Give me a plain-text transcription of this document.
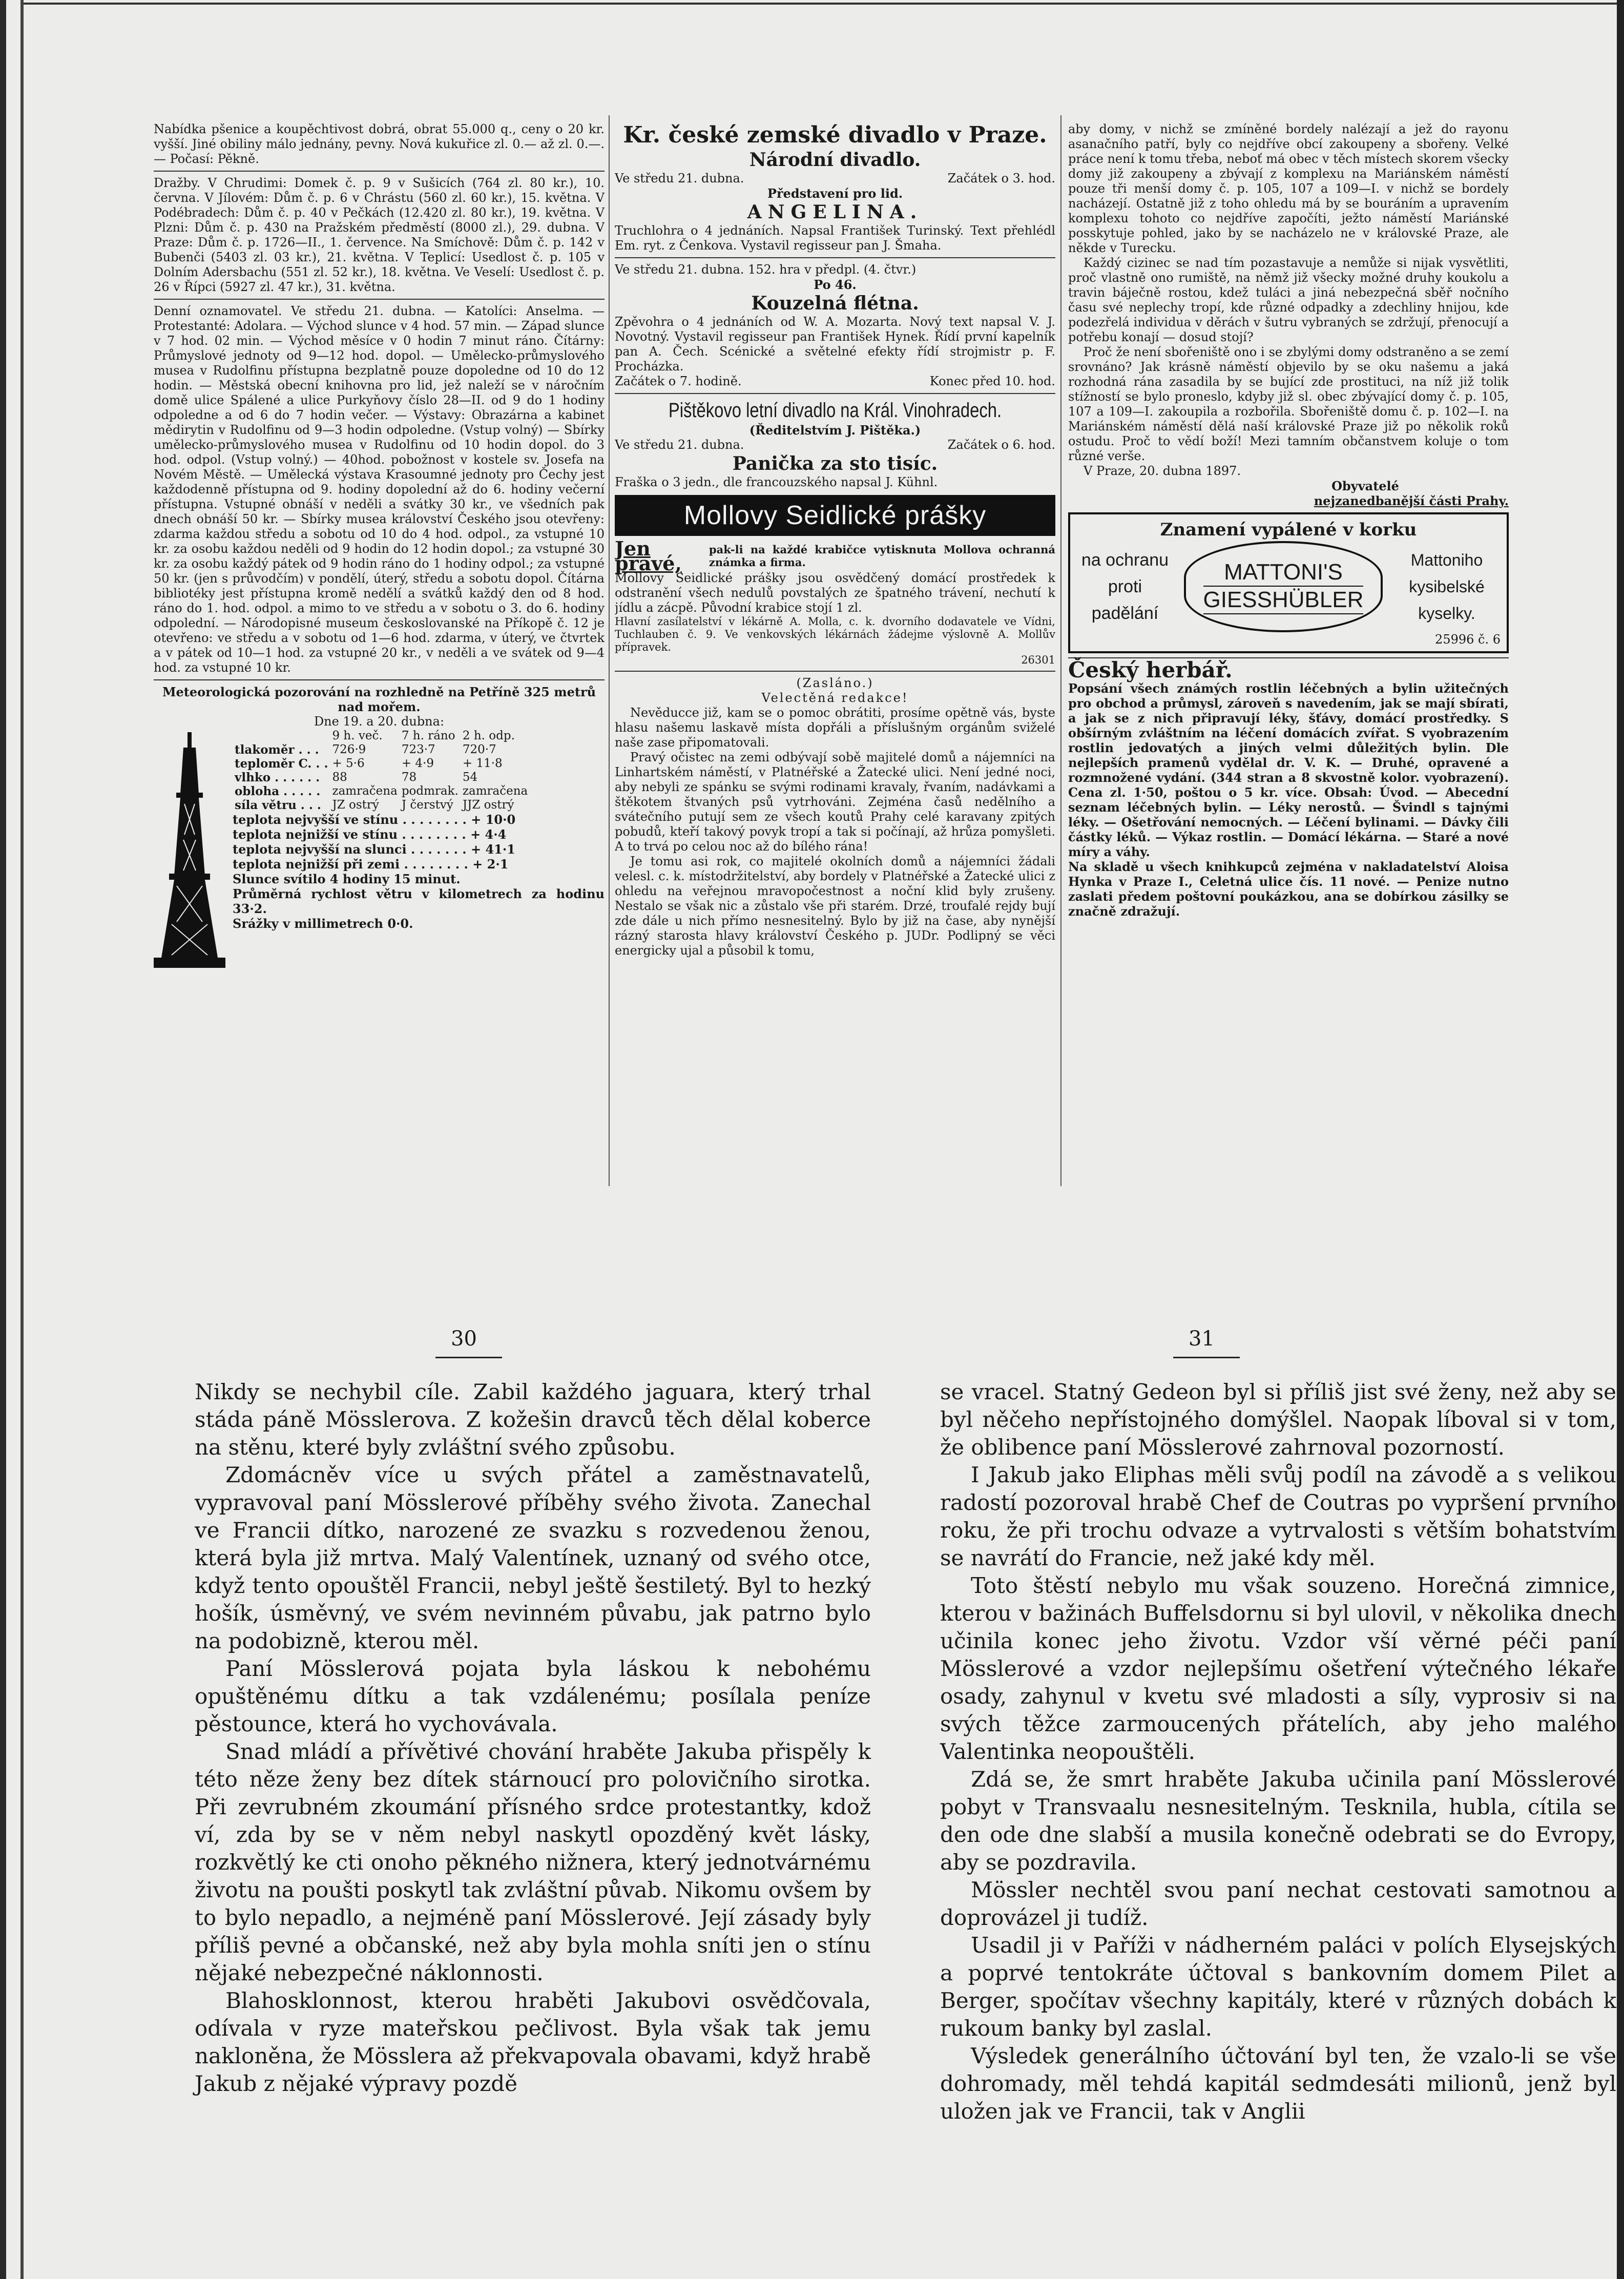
Nabídka pšenice a koupěchtivost dobrá, obrat 55.000 q., ceny o 20 kr. vyšší. Jiné obiliny málo jednány, pevny. Nová kukuřice zl. 0.— až zl. 0.—. — Počasí: Pěkně.

Dražby. V Chrudimi: Domek č. p. 9 v Sušicích (764 zl. 80 kr.), 10. června. V Jílovém: Dům č. p. 6 v Chrástu (560 zl. 60 kr.), 15. května. V Podébradech: Dům č. p. 40 v Pečkách (12.420 zl. 80 kr.), 19. května. V Plzni: Dům č. p. 430 na Pražském předměstí (8000 zl.), 29. dubna. V Praze: Dům č. p. 1726—II., 1. července. Na Smíchově: Dům č. p. 142 v Bubenči (5403 zl. 03 kr.), 21. května. V Teplicí: Usedlost č. p. 105 v Dolním Adersbachu (551 zl. 52 kr.), 18. května. Ve Veselí: Usedlost č. p. 26 v Řípci (5927 zl. 47 kr.), 31. května.

Denní oznamovatel. Ve středu 21. dubna. — Katolíci: Anselma. — Protestanté: Adolara. — Východ slunce v 4 hod. 57 min. — Západ slunce v 7 hod. 02 min. — Východ měsíce v 0 hodin 7 minut ráno. Čítárny: Průmyslové jednoty od 9—12 hod. dopol. — Umělecko-průmyslového musea v Rudolfinu přístupna bezplatně pouze dopoledne od 10 do 12 hodin. — Městská obecní knihovna pro lid, jež naleží se v náročním domě ulice Spálené a ulice Purkyňovy číslo 28—II. od 9 do 1 hodiny odpoledne a od 6 do 7 hodin večer. — Výstavy: Obrazárna a kabinet mědirytin v Rudolfinu od 9—3 hodin odpoledne. (Vstup volný) — Sbírky umělecko-průmyslového musea v Rudolfinu od 10 hodin dopol. do 3 hod. odpol. (Vstup volný.) — 40hod. pobožnost v kostele sv. Josefa na Novém Městě. — Umělecká výstava Krasoumné jednoty pro Čechy jest každodenně přístupna od 9. hodiny dopolední až do 6. hodiny večerní přístupna. Vstupné obnáší v neděli a svátky 30 kr., ve všedních pak dnech obnáší 50 kr. — Sbírky musea království Českého jsou otevřeny: zdarma každou středu a sobotu od 10 do 4 hod. odpol., za vstupné 10 kr. za osobu každou neděli od 9 hodin do 12 hodin dopol.; za vstupné 30 kr. za osobu každý pátek od 9 hodin ráno do 1 hodiny odpol.; za vstupné 50 kr. (jen s průvodčím) v pondělí, úterý, středu a sobotu dopol. Čítárna bibliotéky jest přístupna kromě nedělí a svátků každý den od 8 hod. ráno do 1. hod. odpol. a mimo to ve středu a v sobotu o 3. do 6. hodiny odpolední. — Národopisné museum českoslovanské na Příkopě č. 12 je otevřeno: ve středu a v sobotu od 1—6 hod. zdarma, v úterý, ve čtvrtek a v pátek od 10—1 hod. za vstupné 20 kr., v neděli a ve svátek od 9—4 hod. za vstupné 10 kr.

Meteorologická pozorování na rozhledně na Petříně 325 metrů nad mořem.

Dne 19. a 20. dubna:

	9 h. več.	7 h. ráno	2 h. odp.
tlakoměr . . .	726·9	723·7	720·7
teploměr C. . .	+ 5·6	+ 4·9	+ 11·8
vlhko . . . . . .	88	78	54
obloha . . . . .	zamračena	podmrak.	zamračena
síla větru . . .	JZ ostrý	J čerstvý	JJZ ostrý

teplota nejvyšší ve stínu . . . . . . . . + 10·0

teplota nejnižší ve stínu . . . . . . . . + 4·4

teplota nejvyšší na slunci . . . . . . . + 41·1

teplota nejnižší při zemi . . . . . . . . + 2·1

Slunce svítilo 4 hodiny 15 minut.

Průměrná rychlost větru v kilometrech za hodinu 33·2.

Srážky v millimetrech 0·0.

Kr. české zemské divadlo v Praze.
Národní divadlo.
Ve středu 21. dubna.	Začátek o 3. hod.
Představení pro lid.
ANGELINA.

Truchlohra o 4 jednáních. Napsal František Turinský. Text přehlédl Em. ryt. z Čenkova. Vystavil regisseur pan J. Šmaha.

Ve středu 21. dubna. 152. hra v předpl. (4. čtvr.)
Po 46.
Kouzelná flétna.

Zpěvohra o 4 jednáních od W. A. Mozarta. Nový text napsal V. J. Novotný. Vystavil regisseur pan František Hynek. Řídí první kapelník pan A. Čech. Scénické a světelné efekty řídí strojmistr p. F. Procházka.

Začátek o 7. hodině.	Konec před 10. hod.
Pištěkovo letní divadlo na Král. Vinohradech.
(Ředitelstvím J. Pištěka.)
Ve středu 21. dubna.	Začátek o 6. hod.
Panička za sto tisíc.

Fraška o 3 jedn., dle francouzského napsal J. Kühnl.

Mollovy Seidlické prášky
Jen pravé,
pak-li na každé krabičce vytisknuta Mollova ochranná známka a firma.

Mollovy Seidlické prášky jsou osvědčený domácí prostředek k odstranění všech nedulů povstalých ze špatného trávení, nechutí k jídlu a zácpě. Původní krabice stojí 1 zl.

Hlavní zasílatelství v lékárně A. Molla, c. k. dvorního dodavatele ve Vídni, Tuchlauben č. 9. Ve venkovských lékárnách žádejme výslovně A. Mollův přípravek.

26301

(Zasláno.)
Velectěná redakce!

Nevěducce již, kam se o pomoc obrátiti, prosíme opětně vás, byste hlasu našemu laskavě místa dopřáli a příslušným orgánům sviželé naše zase připomatovali.

Pravý očistec na zemi odbývají sobě majitelé domů a nájemníci na Linhartském náměstí, v Platnéřské a Žatecké ulici. Není jedné noci, aby nebyli ze spánku se svými rodinami kravaly, řvaním, nadávkami a štěkotem štvaných psů vytrhováni. Zejména časů nedělního a svátečního putují sem ze všech koutů Prahy celé karavany zpitých pobudů, kteří takový povyk tropí a tak si počínají, až hrůza pomyšleti. A to trvá po celou noc až do bílého rána!

Je tomu asi rok, co majitelé okolních domů a nájemníci žádali velesl. c. k. místodržitelství, aby bordely v Platnéřské a Žatecké ulici z ohledu na veřejnou mravopočestnost a noční klid byly zrušeny. Nestalo se však nic a zůstalo vše při starém. Drzé, troufalé rejdy bují zde dále u nich přímo nesnesitelný. Bylo by již na čase, aby nynější rázný starosta hlavy království Českého p. JUDr. Podlipný se věci energicky ujal a působil k tomu,

aby domy, v nichž se zmíněné bordely nalézají a jež do rayonu asanačního patří, byly co nejdříve obcí zakoupeny a sbořeny. Velké práce není k tomu třeba, neboť má obec v těch místech skorem všecky domy již zakoupeny a zbývají z komplexu na Mariánském náměstí pouze tři menší domy č. p. 105, 107 a 109—I. v nichž se bordely nacházejí. Ostatně již z toho ohledu má by se bouráním a upravením komplexu tohoto co nejdříve započíti, ježto náměstí Mariánské posskytuje pohled, jako by se nacházelo ne v královské Praze, ale někde v Turecku.

Každý cizinec se nad tím pozastavuje a nemůže si nijak vysvětliti, proč vlastně ono rumiště, na němž již všecky možné druhy koukolu a travin báječně rostou, kdež tuláci a jiná nebezpečná sběř nočního času své neplechy tropí, kde různé odpadky a zdechliny hnijou, kde podezřelá individua v děrách v šutru vybraných se zdržují, přenocují a potřebu konají — dosud stojí?

Proč že není sbořeniště ono i se zbylými domy odstraněno a se zemí srovnáno? Jak krásně náměstí objevilo by se oku našemu a jaká rozhodná rána zasadila by se bující zde prostituci, na níž již tolik stížností se bylo proneslo, kdyby již sl. obec zbývající domy č. p. 105, 107 a 109—I. zakoupila a rozbořila. Sbořeniště domu č. p. 102—I. na Mariánském náměstí dělá naší královské Praze již po několik roků ostudu. Proč to vědí boží! Mezi tamním občanstvem koluje o tom různé verše.

V Praze, 20. dubna 1897.

Obyvatelé

nejzanedbanější části Prahy.

Znamení vypálené v korku
na ochranu
proti
padělání
MATTONI'S
GIESSHÜBLER
Mattoniho
kysibelské
kyselky.
25996 č. 6

Český herbář.

Popsání všech známých rostlin léčebných a bylin užitečných pro obchod a průmysl, zároveň s navedením, jak se mají sbírati, a jak se z nich připravují léky, šťávy, domácí prostředky. S obšírným zvláštním na léčení domácích zvířat. S vyobrazením rostlin jedovatých a jiných velmi důležitých bylin. Dle nejlepších pramenů vydělal dr. V. K. — Druhé, opravené a rozmnožené vydání. (344 stran a 8 skvostně kolor. vyobrazení). Cena zl. 1·50, poštou o 5 kr. více. Obsah: Úvod. — Abecední seznam léčebných bylin. — Léky nerostů. — Švindl s tajnými léky. — Ošetřování nemocných. — Léčení bylinami. — Dávky čili částky léků. — Výkaz rostlin. — Domácí lékárna. — Staré a nové míry a váhy.

Na skladě u všech knihkupců zejména v nakladatelství Aloisa Hynka v Praze I., Celetná ulice čís. 11 nové. — Penize nutno zaslati předem poštovní poukázkou, ana se dobírkou zásilky se značně zdražují.

30	31

Nikdy se nechybil cíle. Zabil každého jaguara, který trhal stáda páně Mösslerova. Z kožešin dravců těch dělal koberce na stěnu, které byly zvláštní svého způsobu.

Zdomácněv více u svých přátel a zaměstnavatelů, vypravoval paní Mösslerové příběhy svého života. Zanechal ve Francii dítko, narozené ze svazku s rozvedenou ženou, která byla již mrtva. Malý Valentínek, uznaný od svého otce, když tento opouštěl Francii, nebyl ještě šestiletý. Byl to hezký hošík, úsměvný, ve svém nevinném půvabu, jak patrno bylo na podobizně, kterou měl.

Paní Mösslerová pojata byla láskou k nebohému opuštěnému dítku a tak vzdálenému; posílala peníze pěstounce, která ho vychovávala.

Snad mládí a přívětivé chování hraběte Jakuba přispěly k této něze ženy bez dítek stárnoucí pro polovičního sirotka. Při zevrubném zkoumání přísného srdce protestantky, kdož ví, zda by se v něm nebyl naskytl opozděný květ lásky, rozkvětlý ke cti onoho pěkného nižnera, který jednotvárnému životu na poušti poskytl tak zvláštní půvab. Nikomu ovšem by to bylo nepadlo, a nejméně paní Mösslerové. Její zásady byly příliš pevné a občanské, než aby byla mohla sníti jen o stínu nějaké nebezpečné náklonnosti.

Blahosklonnost, kterou hraběti Jakubovi osvědčovala, odívala v ryze mateřskou pečlivost. Byla však tak jemu nakloněna, že Mösslera až překvapovala obavami, když hrabě Jakub z nějaké výpravy pozdě

se vracel. Statný Gedeon byl si příliš jist své ženy, než aby se byl něčeho nepřístojného domýšlel. Naopak líboval si v tom, že oblibence paní Mösslerové zahrnoval pozorností.

I Jakub jako Eliphas měli svůj podíl na závodě a s velikou radostí pozoroval hrabě Chef de Coutras po vypršení prvního roku, že při trochu odvaze a vytrvalosti s větším bohatstvím se navrátí do Francie, než jaké kdy měl.

Toto štěstí nebylo mu však souzeno. Horečná zimnice, kterou v bažinách Buffelsdornu si byl ulovil, v několika dnech učinila konec jeho životu. Vzdor vší věrné péči paní Mösslerové a vzdor nejlepšímu ošetření výtečného lékaře osady, zahynul v kvetu své mladosti a síly, vyprosiv si na svých těžce zarmoucených přátelích, aby jeho malého Valentinka neopouštěli.

Zdá se, že smrt hraběte Jakuba učinila paní Mösslerové pobyt v Transvaalu nesnesitelným. Tesknila, hubla, cítila se den ode dne slabší a musila konečně odebrati se do Evropy, aby se pozdravila.

Mössler nechtěl svou paní nechat cestovati samotnou a doprovázel ji tudíž.

Usadil ji v Paříži v nádherném paláci v polích Elysejských a poprvé tentokráte účtoval s bankovním domem Pilet a Berger, spočítav všechny kapitály, které v různých dobách k rukoum banky byl zaslal.

Výsledek generálního účtování byl ten, že vzalo-li se vše dohromady, měl tehdá kapitál sedmdesáti milionů, jenž byl uložen jak ve Francii, tak v Anglii
